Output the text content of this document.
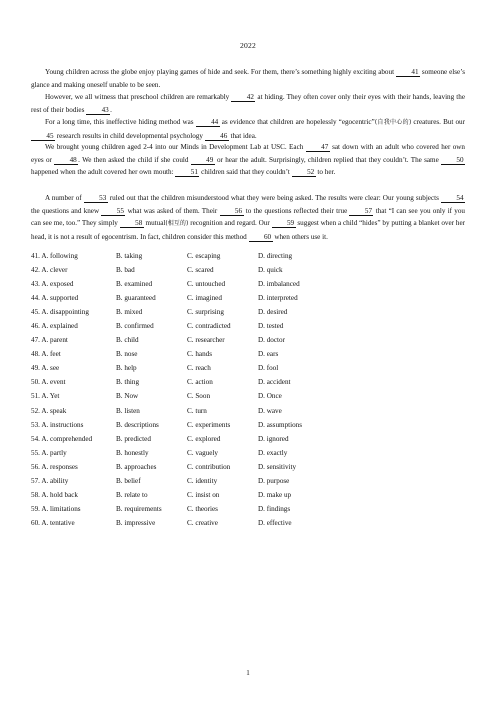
2022

Young children across the globe enjoy playing games of hide and seek. For them, there’s something highly exciting about 41 someone else’s glance and making oneself unable to be seen.

However, we all witness that preschool children are remarkably 42 at hiding. They often cover only their eyes with their hands, leaving the rest of their bodies 43.

For a long time, this ineffective hiding method was 44 as evidence that children are hopelessly “egocentric”(自我中心的) creatures. But our 45 research results in child developmental psychology 46 that idea.

We brought young children aged 2-4 into our Minds in Development Lab at USC. Each 47 sat down with an adult who covered her own eyes or 48. We then asked the child if she could 49 or hear the adult. Surprisingly, children replied that they couldn’t. The same 50 happened when the adult covered her own mouth: 51 children said that they couldn’t 52 to her.

A number of 53 ruled out that the children misunderstood what they were being asked. The results were clear: Our young subjects 54 the questions and knew 55 what was asked of them. Their 56 to the questions reflected their true 57 that “I can see you only if you can see me, too.” They simply 58 mutual(相互的) recognition and regard. Our 59 suggest when a child “hides” by putting a blanket over her head, it is not a result of egocentrism. In fact, children consider this method 60 when others use it.

41. A. following	B. taking	C. escaping	D. directing
42. A. clever	B. bad	C. scared	D. quick
43. A. exposed	B. examined	C. untouched	D. imbalanced
44. A. supported	B. guaranteed	C. imagined	D. interpreted
45. A. disappointing	B. mixed	C. surprising	D. desired
46. A. explained	B. confirmed	C. contradicted	D. tested
47. A. parent	B. child	C. researcher	D. doctor
48. A. feet	B. nose	C. hands	D. ears
49. A. see	B. help	C. reach	D. fool
50. A. event	B. thing	C. action	D. accident
51. A. Yet	B. Now	C. Soon	D. Once
52. A. speak	B. listen	C. turn	D. wave
53. A. instructions	B. descriptions	C. experiments	D. assumptions
54. A. comprehended	B. predicted	C. explored	D. ignored
55. A. partly	B. honestly	C. vaguely	D. exactly
56. A. responses	B. approaches	C. contribution	D. sensitivity
57. A. ability	B. belief	C. identity	D. purpose
58. A. hold back	B. relate to	C. insist on	D. make up
59. A. limitations	B. requirements	C. theories	D. findings
60. A. tentative	B. impressive	C. creative	D. effective
1
